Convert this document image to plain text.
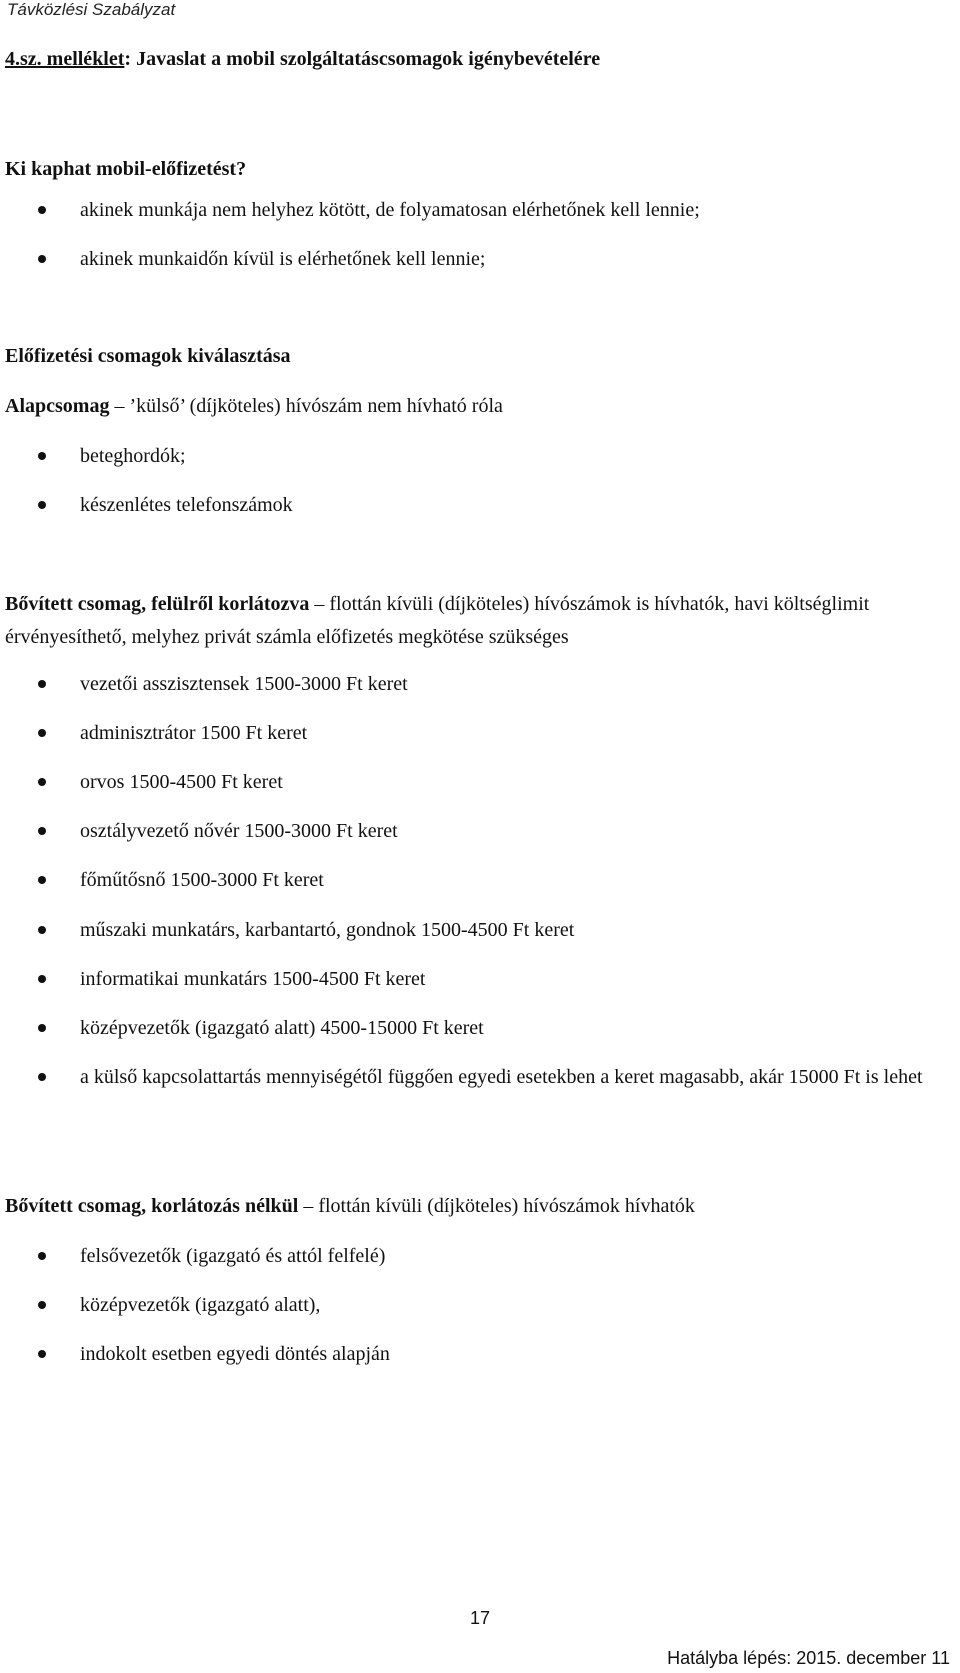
Távközlési Szabályzat
4.sz. melléklet: Javaslat a mobil szolgáltatáscsomagok igénybevételére
Ki kaphat mobil-előfizetést?
akinek munkája nem helyhez kötött, de folyamatosan elérhetőnek kell lennie;
akinek munkaidőn kívül is elérhetőnek kell lennie;
Előfizetési csomagok kiválasztása
Alapcsomag – ’külső’ (díjköteles) hívószám nem hívható róla
beteghordók;
készenlétes telefonszámok
Bővített csomag, felülről korlátozva – flottán kívüli (díjköteles) hívószámok is hívhatók, havi költséglimit érvényesíthető, melyhez privát számla előfizetés megkötése szükséges
vezetői asszisztensek 1500-3000 Ft keret
adminisztrátor 1500 Ft keret
orvos 1500-4500 Ft keret
osztályvezető nővér 1500-3000 Ft keret
főműtősnő 1500-3000 Ft keret
műszaki munkatárs, karbantartó, gondnok 1500-4500 Ft keret
informatikai munkatárs 1500-4500 Ft keret
középvezetők (igazgató alatt) 4500-15000 Ft keret
a külső kapcsolattartás mennyiségétől függően egyedi esetekben a keret magasabb, akár 15000 Ft is lehet
Bővített csomag, korlátozás nélkül – flottán kívüli (díjköteles) hívószámok hívhatók
felsővezetők (igazgató és attól felfelé)
középvezetők (igazgató alatt),
indokolt esetben egyedi döntés alapján
17
Hatályba lépés: 2015. december 11
